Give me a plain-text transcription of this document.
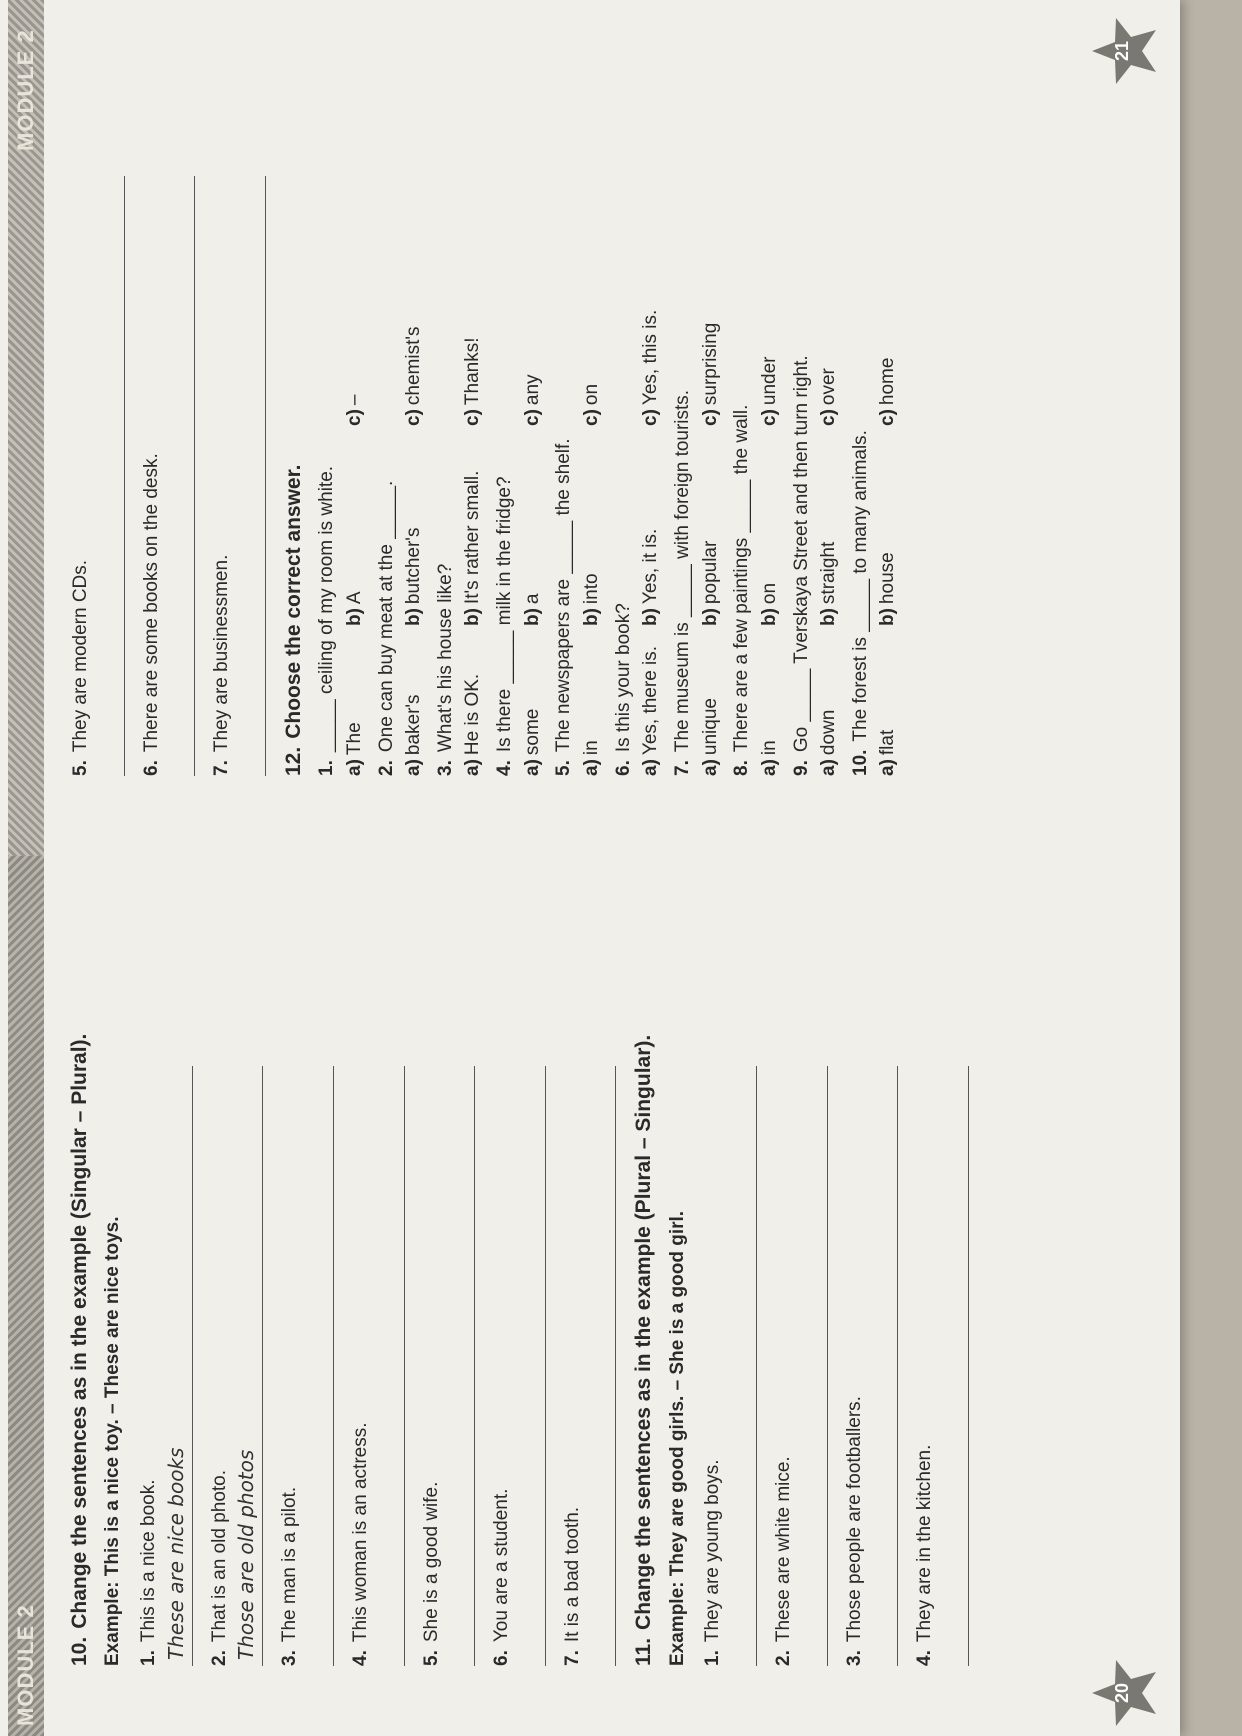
MODULE 2
MODULE 2
10.Change the sentences as in the example (Singular – Plural). Example: This is a nice toy. – These are nice toys. 1.This is a nice book. These are nice books 2.That is an old photo. Those are old photos 3.The man is a pilot.
4.This woman is an actress.
5.She is a good wife.
6.You are a student.
7.It is a bad tooth.
11.Change the sentences as in the example (Plural – Singular). Example: They are good girls. – She is a good girl. 1.They are young boys.
2.These are white mice.
3.Those people are footballers.
4.They are in the kitchen.
5.They are modern CDs.
6.There are some books on the desk.
7.They are businessmen.
12.Choose the correct answer.
1._____ ceiling of my room is white.
a)The
b)A
c)–
2.One can buy meat at the _____.
a)baker's
b)butcher's
c)chemist's
3.What's his house like?
a)He is OK.
b)It's rather small.
c)Thanks!
4.Is there _____ milk in the fridge?
a)some
b)a
c)any
5.The newspapers are _____ the shelf.
a)in
b)into
c)on
6.Is this your book?
a)Yes, there is.
b)Yes, it is.
c)Yes, this is.
7.The museum is _____ with foreign tourists.
a)unique
b)popular
c)surprising
8.There are a few paintings _____ the wall.
a)in
b)on
c)under
9.Go _____ Tverskaya Street and then turn right.
a)down
b)straight
c)over
10.The forest is _____ to many animals.
a)flat
b)house
c)home
20
21
